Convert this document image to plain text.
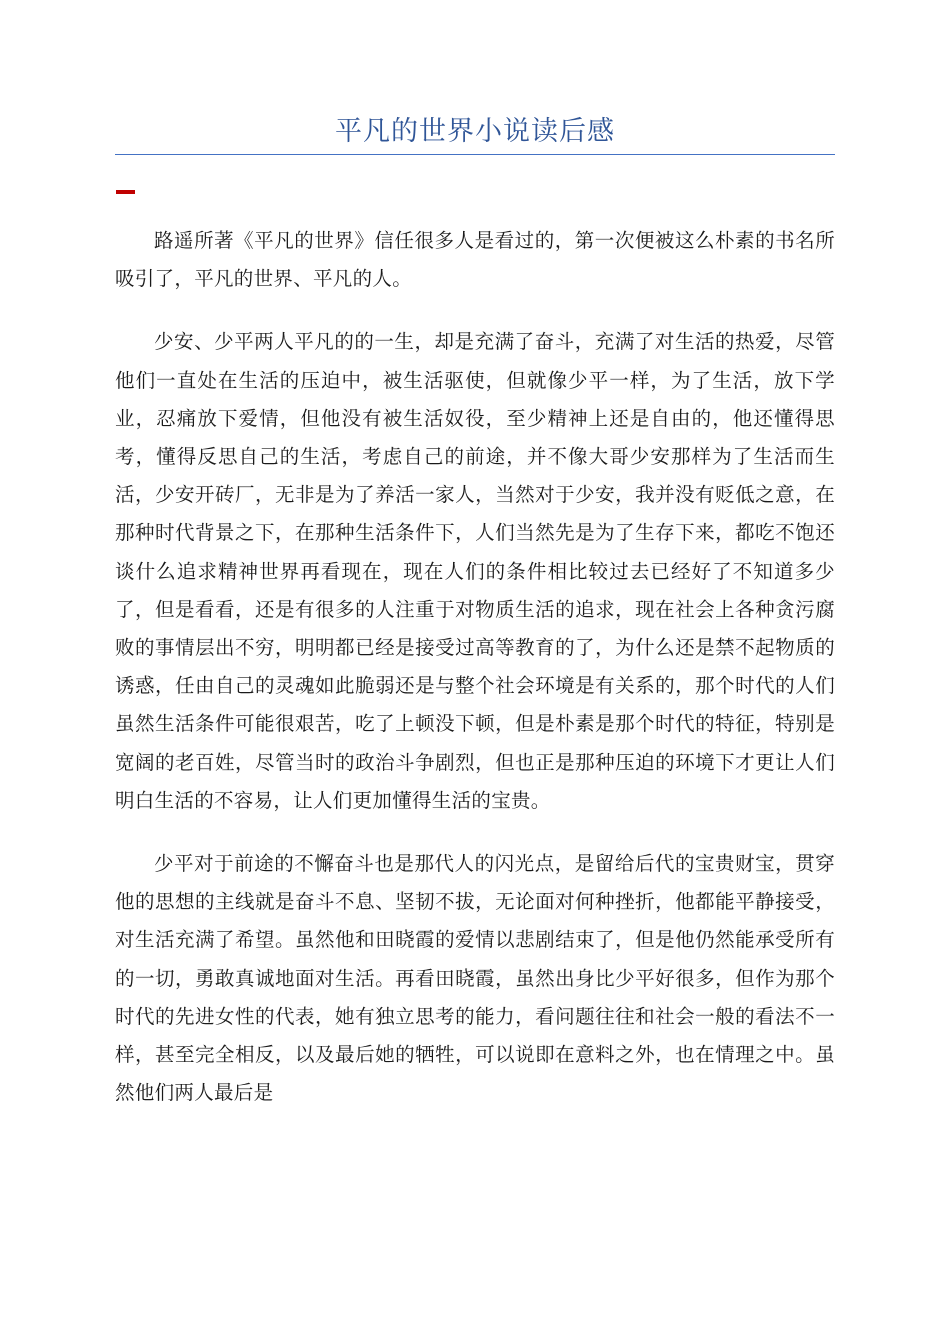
平凡的世界小说读后感

路遥所著《平凡的世界》信任很多人是看过的，第一次便被这么朴素的书名所吸引了，平凡的世界、平凡的人。

少安、少平两人平凡的的一生，却是充满了奋斗，充满了对生活的热爱，尽管他们一直处在生活的压迫中，被生活驱使，但就像少平一样，为了生活，放下学业，忍痛放下爱情，但他没有被生活奴役，至少精神上还是自由的，他还懂得思考，懂得反思自己的生活，考虑自己的前途，并不像大哥少安那样为了生活而生活，少安开砖厂，无非是为了养活一家人，当然对于少安，我并没有贬低之意，在那种时代背景之下，在那种生活条件下，人们当然先是为了生存下来，都吃不饱还谈什么追求精神世界再看现在，现在人们的条件相比较过去已经好了不知道多少了，但是看看，还是有很多的人注重于对物质生活的追求，现在社会上各种贪污腐败的事情层出不穷，明明都已经是接受过高等教育的了，为什么还是禁不起物质的诱惑，任由自己的灵魂如此脆弱还是与整个社会环境是有关系的，那个时代的人们虽然生活条件可能很艰苦，吃了上顿没下顿，但是朴素是那个时代的特征，特别是宽阔的老百姓，尽管当时的政治斗争剧烈，但也正是那种压迫的环境下才更让人们明白生活的不容易，让人们更加懂得生活的宝贵。

少平对于前途的不懈奋斗也是那代人的闪光点，是留给后代的宝贵财宝，贯穿他的思想的主线就是奋斗不息、坚韧不拔，无论面对何种挫折，他都能平静接受，对生活充满了希望。虽然他和田晓霞的爱情以悲剧结束了，但是他仍然能承受所有的一切，勇敢真诚地面对生活。再看田晓霞，虽然出身比少平好很多，但作为那个时代的先进女性的代表，她有独立思考的能力，看问题往往和社会一般的看法不一样，甚至完全相反，以及最后她的牺牲，可以说即在意料之外，也在情理之中。虽然他们两人最后是
